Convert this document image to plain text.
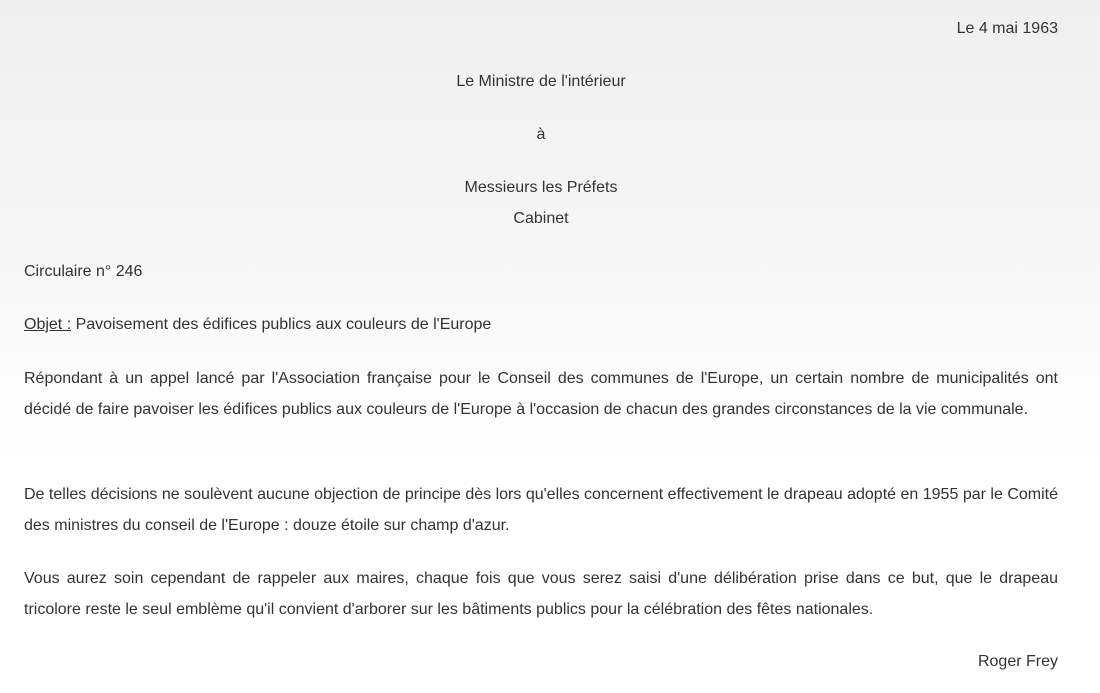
Le 4 mai 1963
Le Ministre de l'intérieur
à
Messieurs les Préfets
Cabinet
Circulaire n° 246
Objet : Pavoisement des édifices publics aux couleurs de l'Europe
Répondant à un appel lancé par l'Association française pour le Conseil des communes de l'Europe, un certain nombre de municipalités ont décidé de faire pavoiser les édifices publics aux couleurs de l'Europe à l'occasion de chacun des grandes circonstances de la vie communale.
De telles décisions ne soulèvent aucune objection de principe dès lors qu'elles concernent effectivement le drapeau adopté en 1955 par le Comité des ministres du conseil de l'Europe : douze étoile sur champ d'azur.
Vous aurez soin cependant de rappeler aux maires, chaque fois que vous serez saisi d'une délibération prise dans ce but, que le drapeau tricolore reste le seul emblème qu'il convient d'arborer sur les bâtiments publics pour la célébration des fêtes nationales.
Roger Frey
